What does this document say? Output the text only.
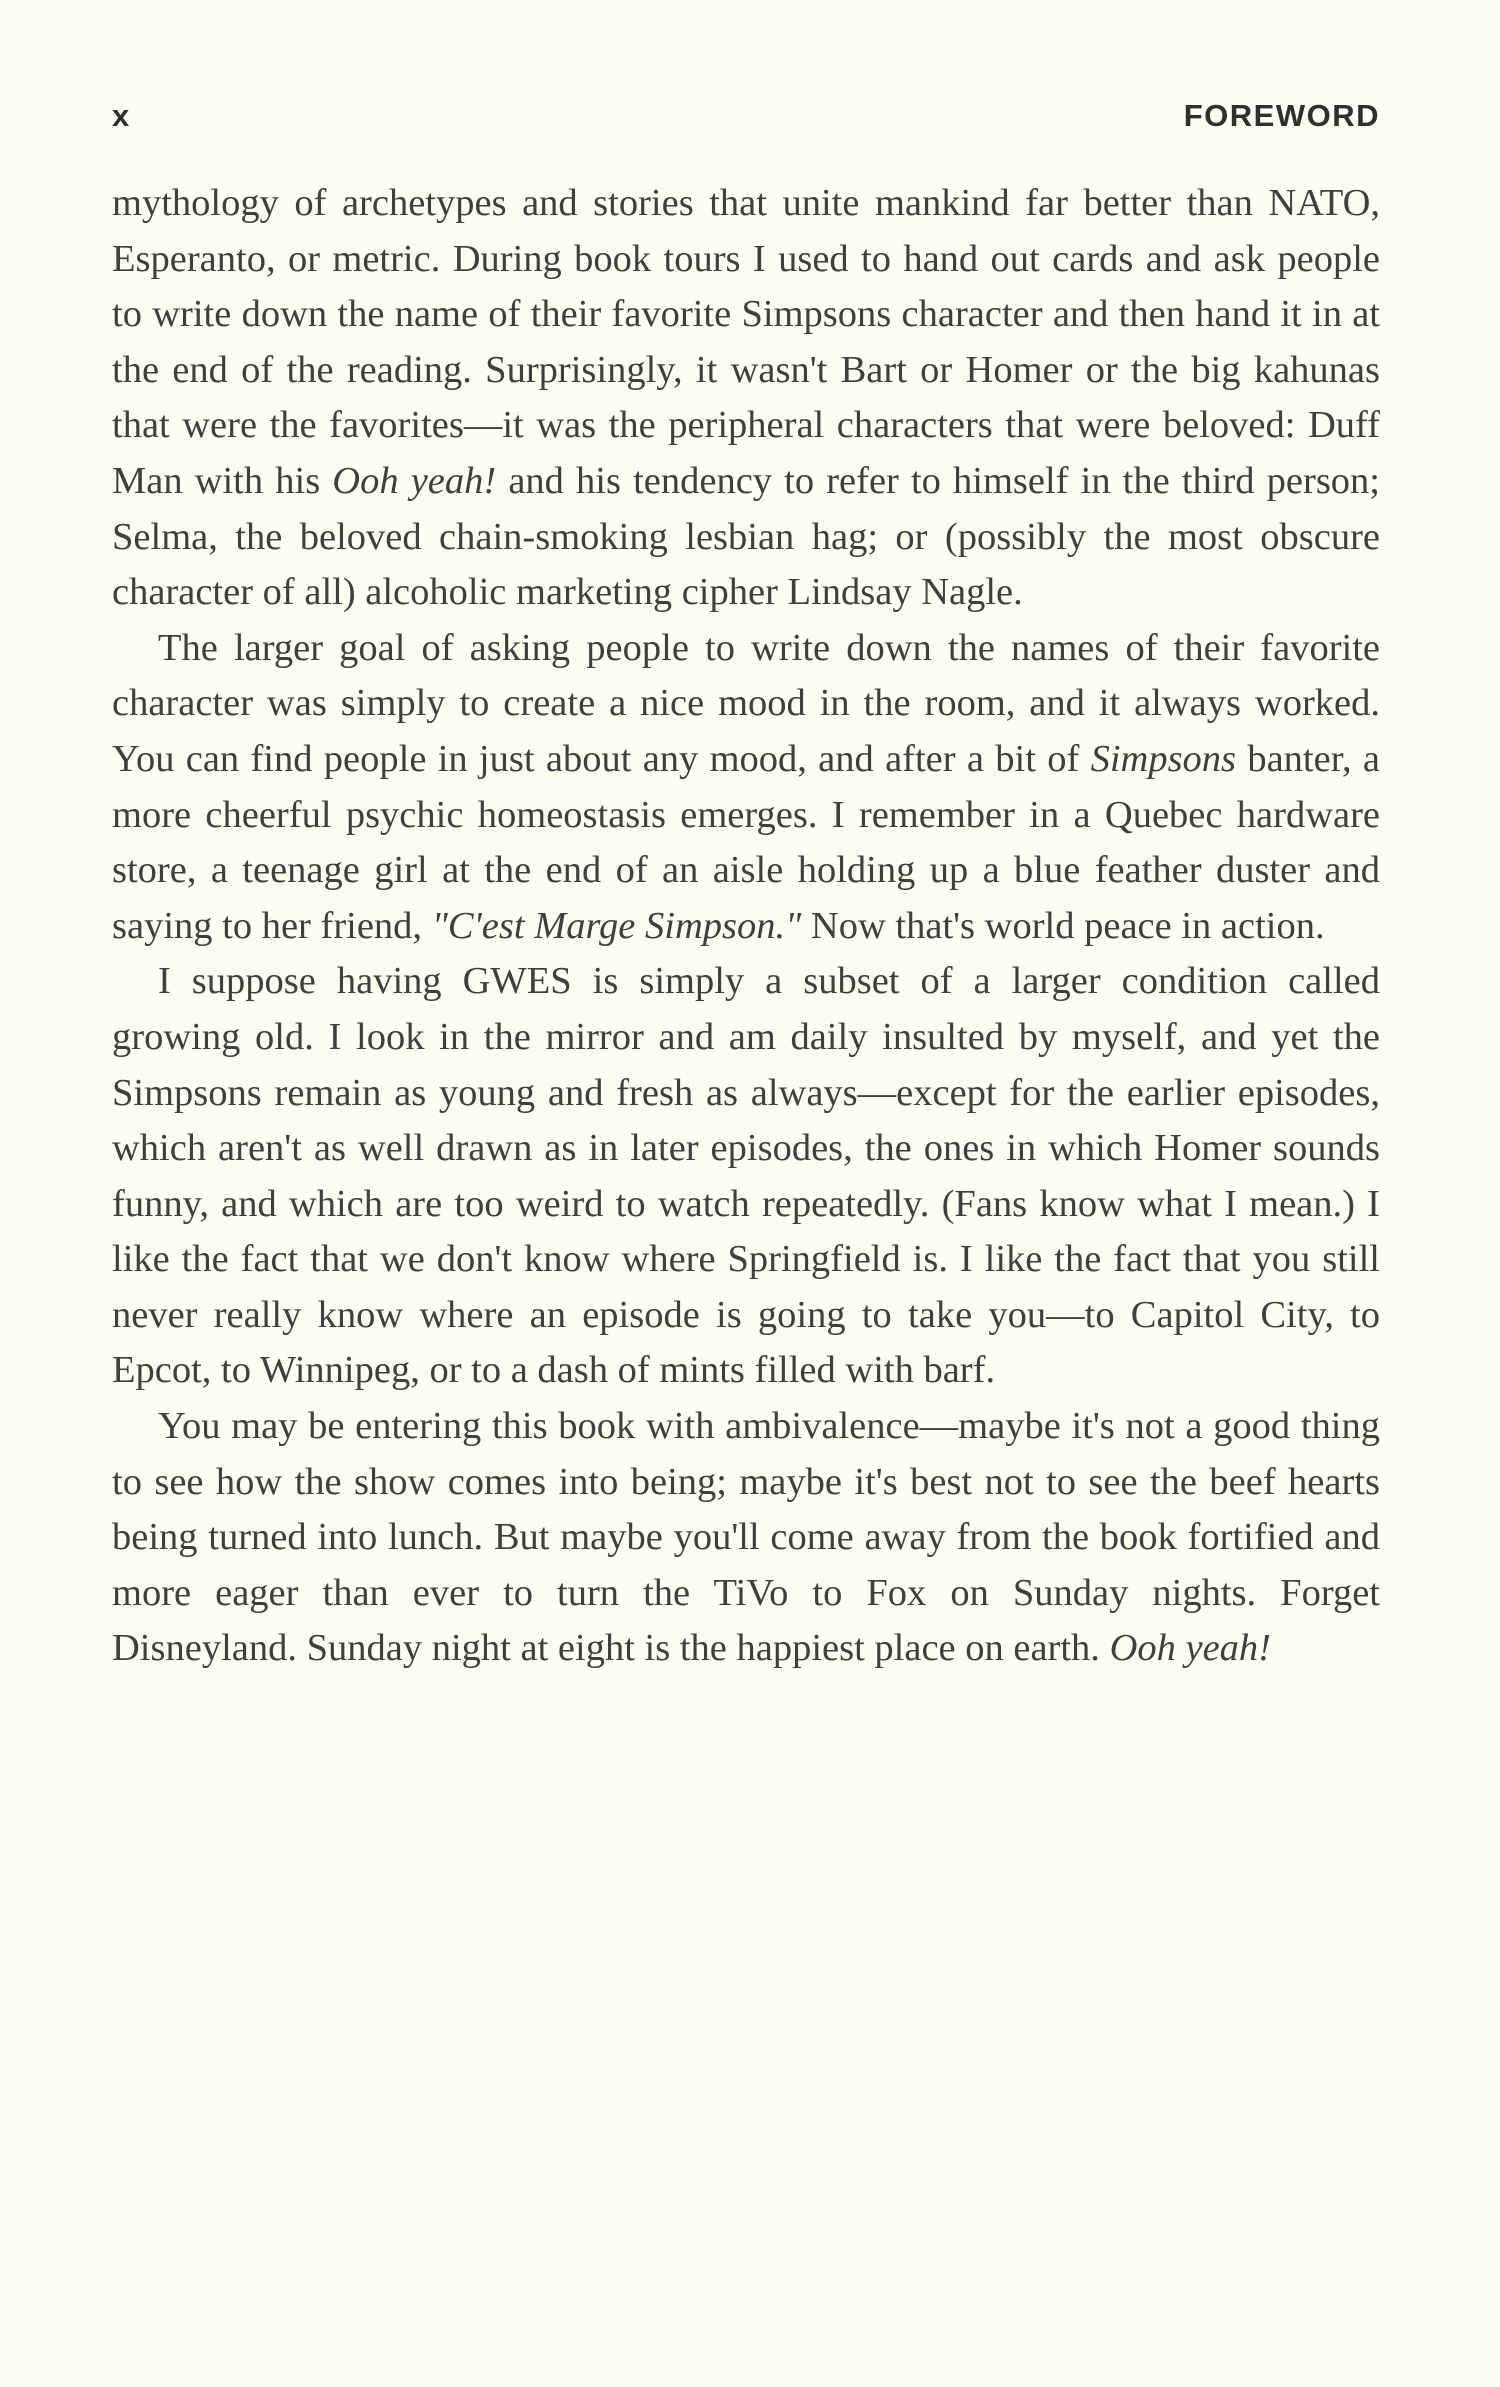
x	FOREWORD

mythology of archetypes and stories that unite mankind far better than NATO, Esperanto, or metric. During book tours I used to hand out cards and ask people to write down the name of their favorite Simpsons character and then hand it in at the end of the reading. Surprisingly, it wasn't Bart or Homer or the big kahunas that were the favorites—it was the peripheral characters that were beloved: Duff Man with his Ooh yeah! and his tendency to refer to himself in the third person; Selma, the beloved chain-smoking lesbian hag; or (possibly the most obscure character of all) alcoholic marketing cipher Lindsay Nagle.

The larger goal of asking people to write down the names of their favorite character was simply to create a nice mood in the room, and it always worked. You can find people in just about any mood, and after a bit of Simpsons banter, a more cheerful psychic homeostasis emerges. I remember in a Quebec hardware store, a teenage girl at the end of an aisle holding up a blue feather duster and saying to her friend, "C'est Marge Simpson." Now that's world peace in action.

I suppose having GWES is simply a subset of a larger condition called growing old. I look in the mirror and am daily insulted by myself, and yet the Simpsons remain as young and fresh as always—except for the earlier episodes, which aren't as well drawn as in later episodes, the ones in which Homer sounds funny, and which are too weird to watch repeatedly. (Fans know what I mean.) I like the fact that we don't know where Springfield is. I like the fact that you still never really know where an episode is going to take you—to Capitol City, to Epcot, to Winnipeg, or to a dash of mints filled with barf.

You may be entering this book with ambivalence—maybe it's not a good thing to see how the show comes into being; maybe it's best not to see the beef hearts being turned into lunch. But maybe you'll come away from the book fortified and more eager than ever to turn the TiVo to Fox on Sunday nights. Forget Disneyland. Sunday night at eight is the happiest place on earth. Ooh yeah!
